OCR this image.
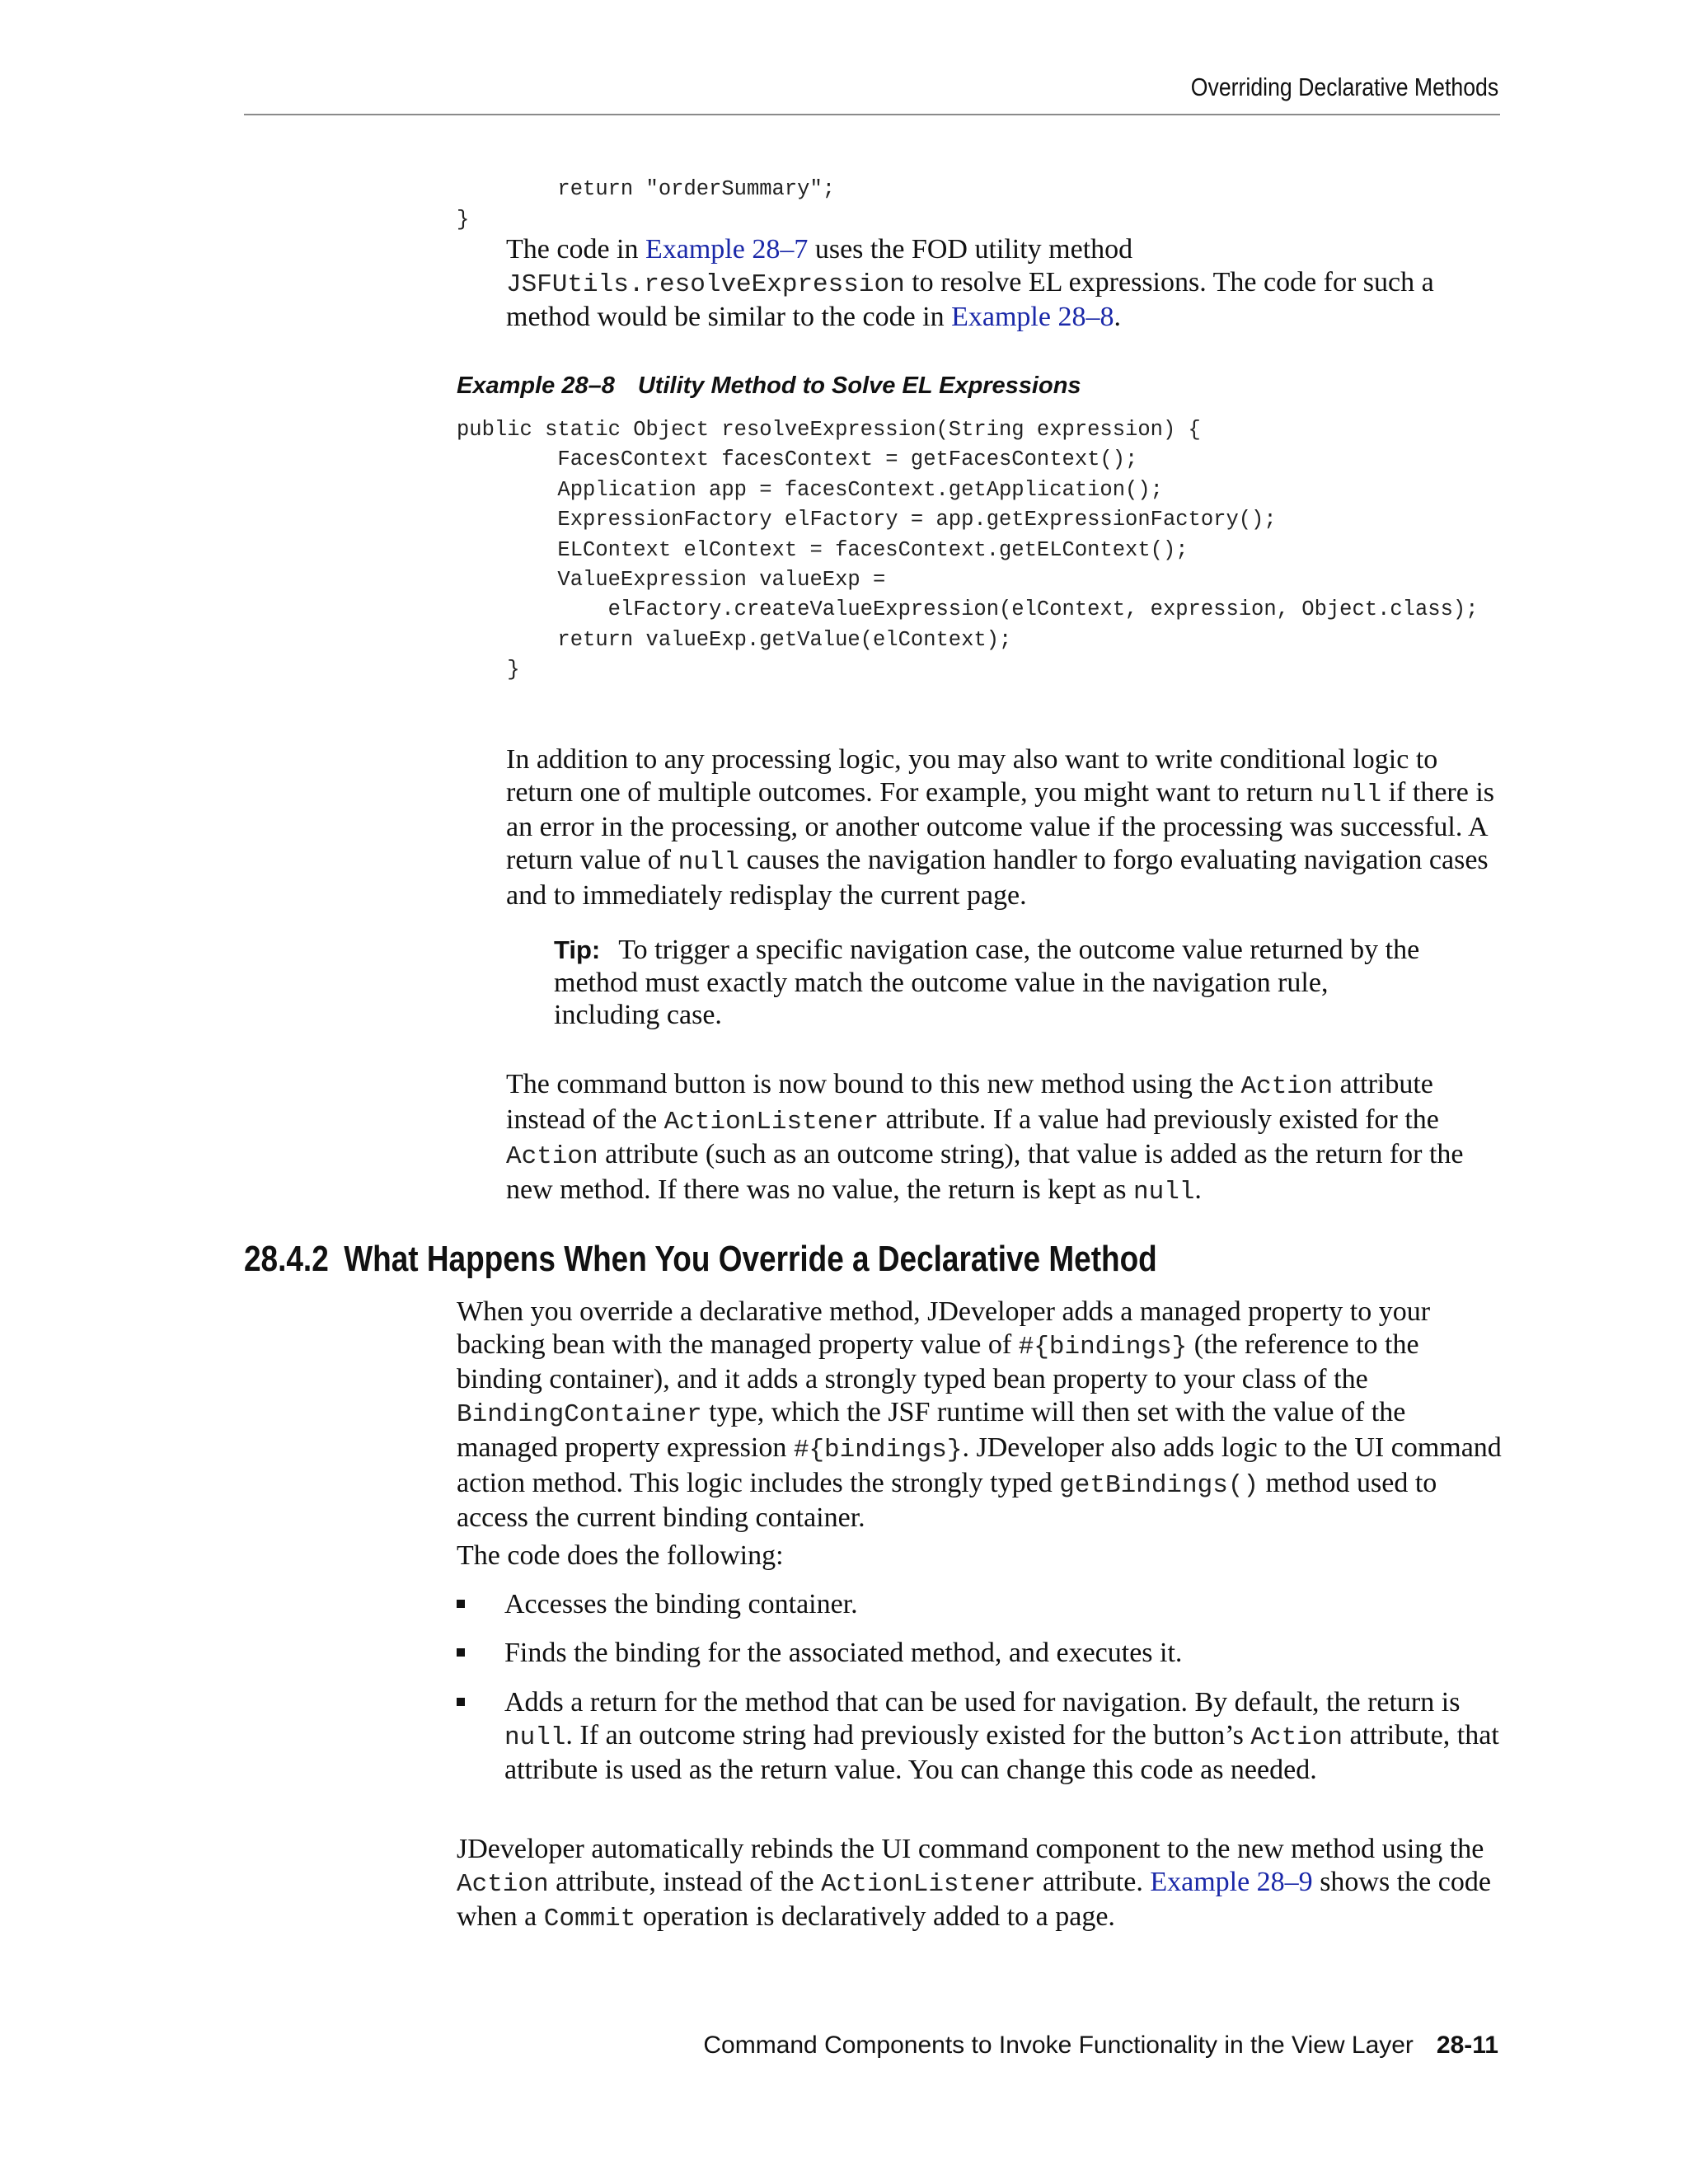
Overriding Declarative Methods
return "orderSummary";
}

The code in Example 28–7 uses the FOD utility method JSFUtils.resolveExpression to resolve EL expressions. The code for such a method would be similar to the code in Example 28–8.

Example 28–8 Utility Method to Solve EL Expressions

public static Object resolveExpression(String expression) {
FacesContext facesContext = getFacesContext();
Application app = facesContext.getApplication();
ExpressionFactory elFactory = app.getExpressionFactory();
ELContext elContext = facesContext.getELContext();
ValueExpression valueExp =
elFactory.createValueExpression(elContext, expression, Object.class);
return valueExp.getValue(elContext);
}

In addition to any processing logic, you may also want to write conditional logic to return one of multiple outcomes. For example, you might want to return null if there is an error in the processing, or another outcome value if the processing was successful. A return value of null causes the navigation handler to forgo evaluating navigation cases and to immediately redisplay the current page.

Tip: To trigger a specific navigation case, the outcome value returned by the method must exactly match the outcome value in the navigation rule, including case.

The command button is now bound to this new method using the Action attribute instead of the ActionListener attribute. If a value had previously existed for the Action attribute (such as an outcome string), that value is added as the return for the new method. If there was no value, the return is kept as null.

28.4.2 What Happens When You Override a Declarative Method

When you override a declarative method, JDeveloper adds a managed property to your backing bean with the managed property value of #{bindings} (the reference to the binding container), and it adds a strongly typed bean property to your class of the BindingContainer type, which the JSF runtime will then set with the value of the managed property expression #{bindings}. JDeveloper also adds logic to the UI command action method. This logic includes the strongly typed getBindings() method used to access the current binding container.

The code does the following:

Accesses the binding container.
Finds the binding for the associated method, and executes it.
Adds a return for the method that can be used for navigation. By default, the return is null. If an outcome string had previously existed for the button’s Action attribute, that attribute is used as the return value. You can change this code as needed.

JDeveloper automatically rebinds the UI command component to the new method using the Action attribute, instead of the ActionListener attribute. Example 28–9 shows the code when a Commit operation is declaratively added to a page.

Command Components to Invoke Functionality in the View Layer 28-11
